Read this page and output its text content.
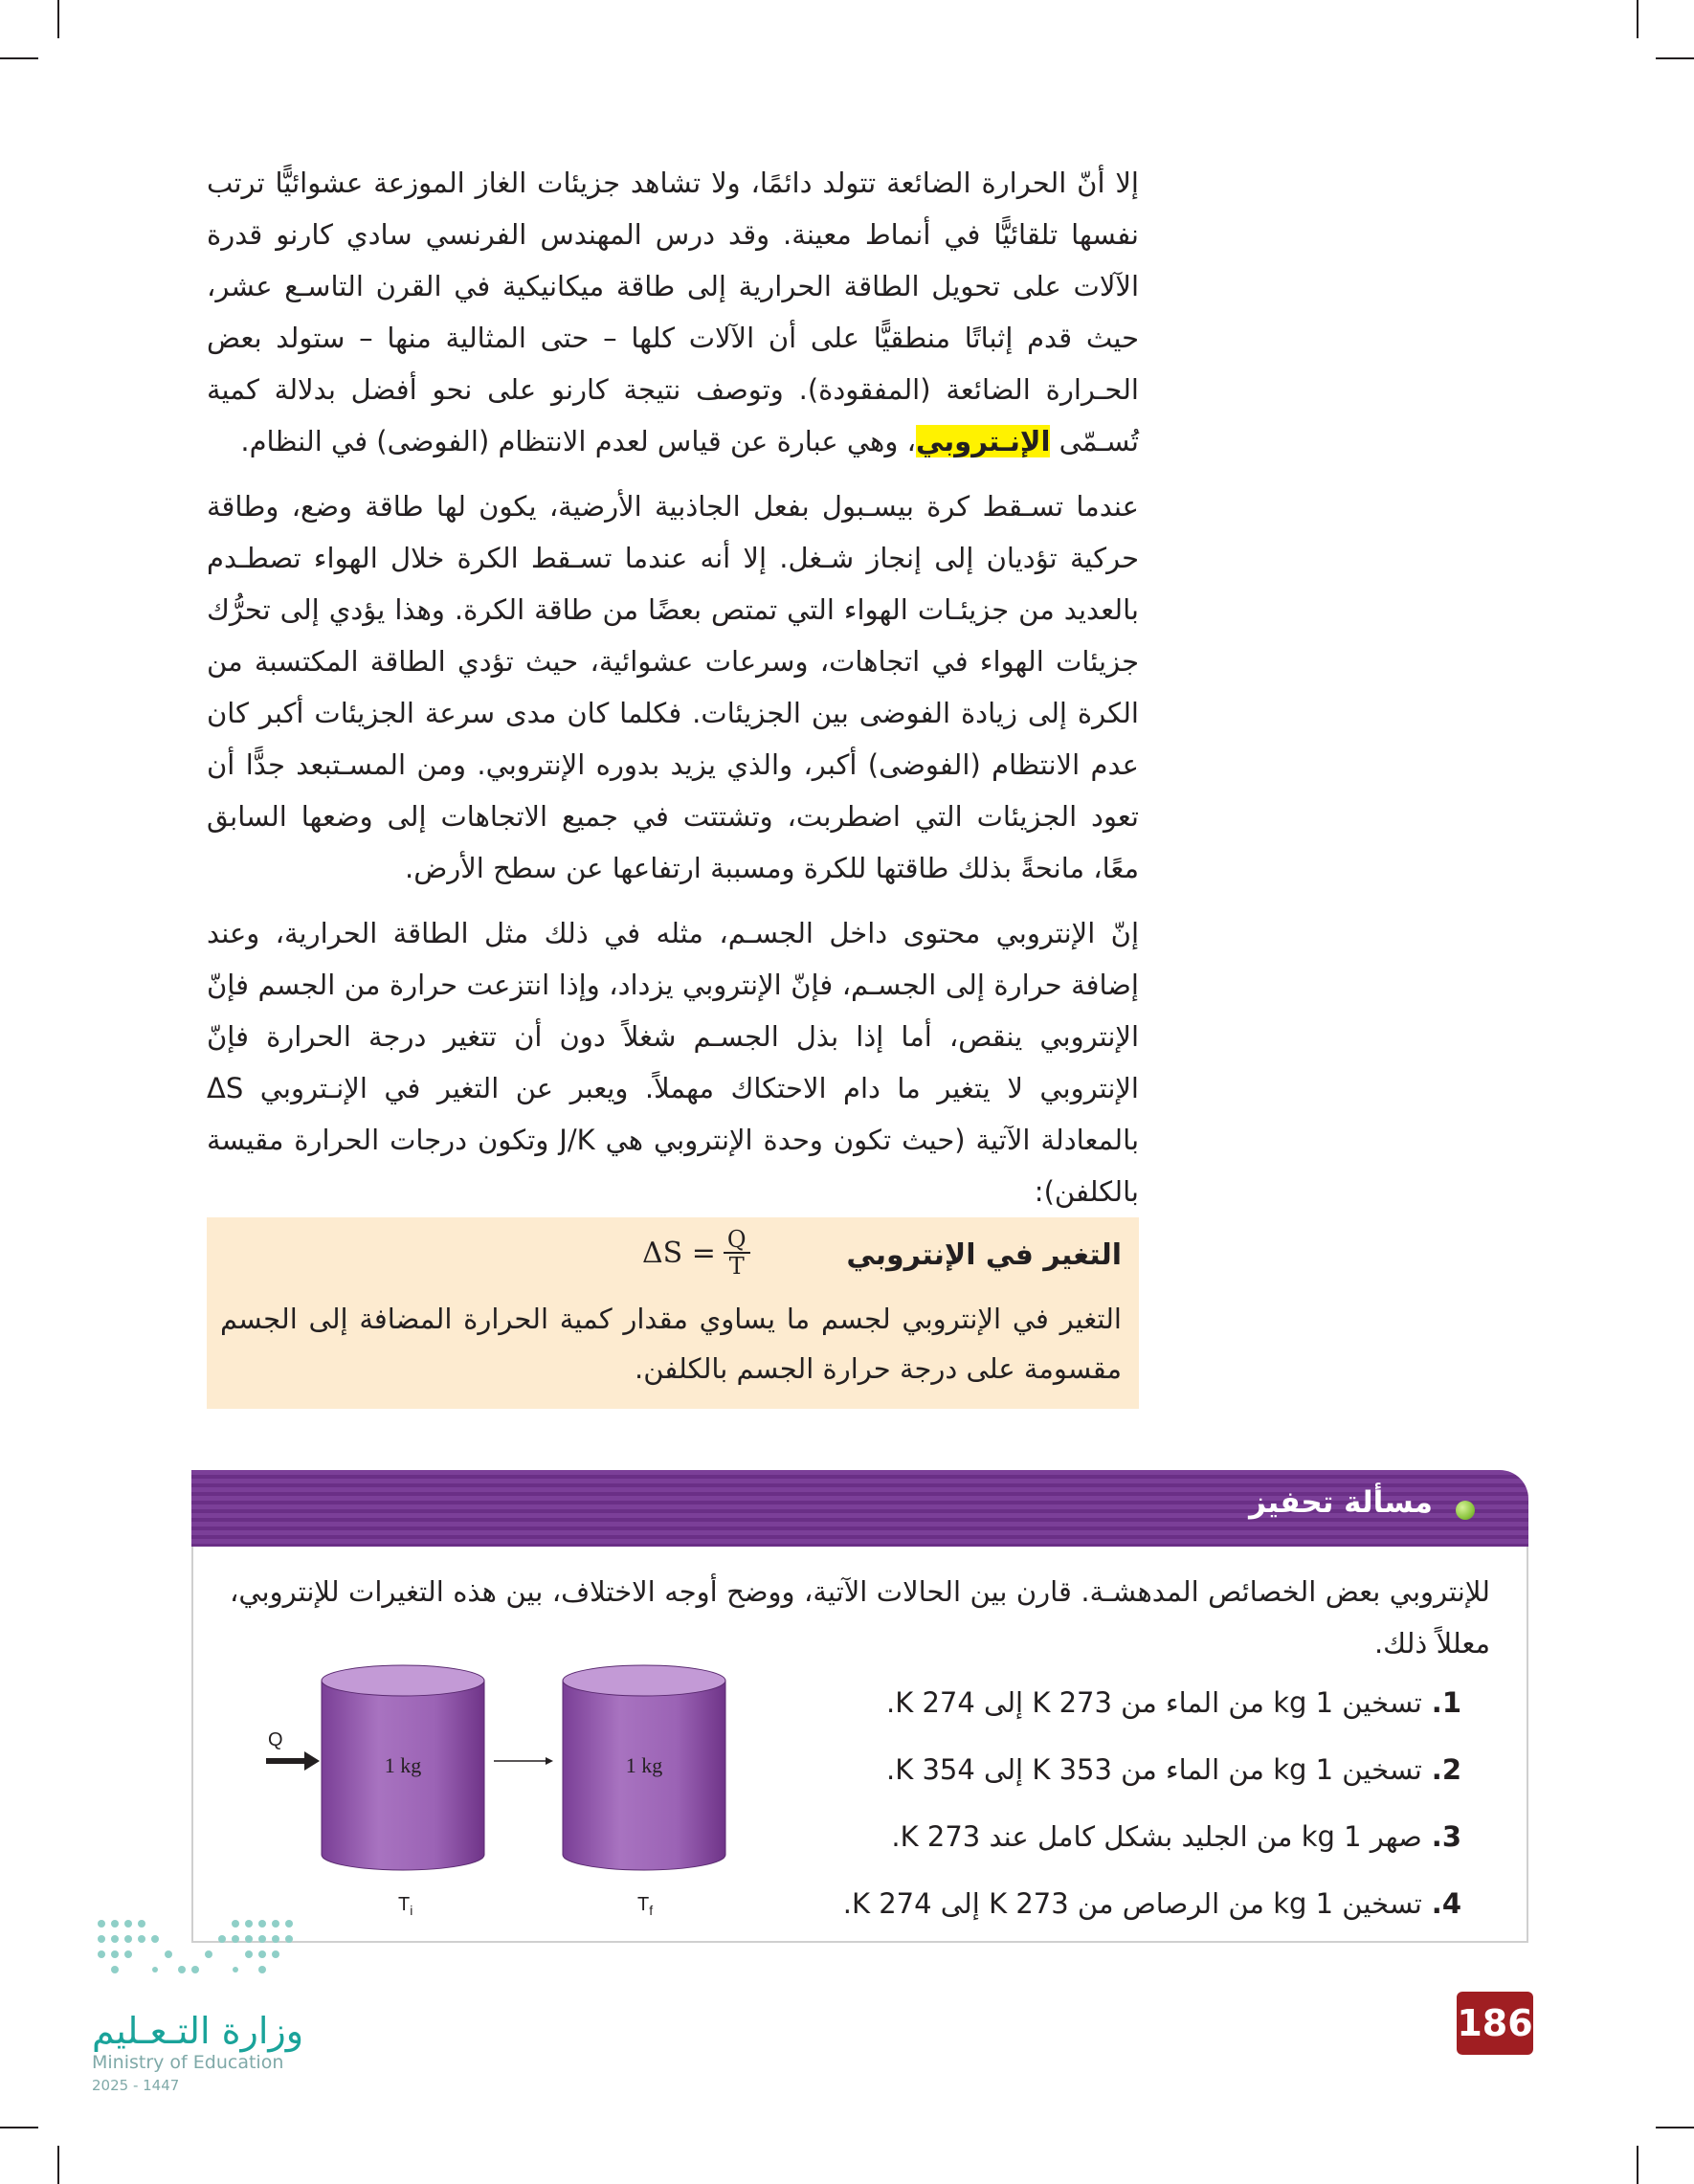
إلا أنّ الحرارة الضائعة تتولد دائمًا، ولا تشاهد جزيئات الغاز الموزعة عشوائيًّا ترتب نفسها تلقائيًّا في أنماط معينة. وقد درس المهندس الفرنسي سادي كارنو قدرة الآلات على تحويل الطاقة الحرارية إلى طاقة ميكانيكية في القرن التاسـع عشر، حيث قدم إثباتًا منطقيًّا على أن الآلات كلها – حتى المثالية منها – ستولد بعض الحـرارة الضائعة (المفقودة). وتوصف نتيجة كارنو على نحو أفضل بدلالة كمية تُسـمّى الإنـتروبي، وهي عبارة عن قياس لعدم الانتظام (الفوضى) في النظام.

عندما تسـقط كرة بيسـبول بفعل الجاذبية الأرضية، يكون لها طاقة وضع، وطاقة حركية تؤديان إلى إنجاز شـغل. إلا أنه عندما تسـقط الكرة خلال الهواء تصطـدم بالعديد من جزيئـات الهواء التي تمتص بعضًا من طاقة الكرة. وهذا يؤدي إلى تحرُّك جزيئات الهواء في اتجاهات، وسرعات عشوائية، حيث تؤدي الطاقة المكتسبة من الكرة إلى زيادة الفوضى بين الجزيئات. فكلما كان مدى سرعة الجزيئات أكبر كان عدم الانتظام (الفوضى) أكبر، والذي يزيد بدوره الإنتروبي. ومن المسـتبعد جدًّا أن تعود الجزيئات التي اضطربت، وتشتتت في جميع الاتجاهات إلى وضعها السابق معًا، مانحةً بذلك طاقتها للكرة ومسببة ارتفاعها عن سطح الأرض.

إنّ الإنتروبي محتوى داخل الجسـم، مثله في ذلك مثل الطاقة الحرارية، وعند إضافة حرارة إلى الجسـم، فإنّ الإنتروبي يزداد، وإذا انتزعت حرارة من الجسم فإنّ الإنتروبي ينقص، أما إذا بذل الجسـم شغلاً دون أن تتغير درجة الحرارة فإنّ الإنتروبي لا يتغير ما دام الاحتكاك مهملاً. ويعبر عن التغير في الإنـتروبي ΔS بالمعادلة الآتية (حيث تكون وحدة الإنتروبي هي J/K وتكون درجات الحرارة مقيسة بالكلفن):

التغير في الإنتروبي
$\Delta S = \frac{Q}{T}$
التغير في الإنتروبي لجسم ما يساوي مقدار كمية الحرارة المضافة إلى الجسم مقسومة على درجة حرارة الجسم بالكلفن.
مسألة تحفيز
للإنتروبي بعض الخصائص المدهشـة. قارن بين الحالات الآتية، ووضح أوجه الاختلاف، بين هذه التغيرات للإنتروبي، معللاً ذلك.
1.تسخين 1 kg من الماء من 273 K إلى 274 K.
2.تسخين 1 kg من الماء من 353 K إلى 354 K.
3.صهر 1 kg من الجليد بشكل كامل عند 273 K.
4.تسخين 1 kg من الرصاص من 273 K إلى 274 K.
Q
1 kg	1 kg
$T_i$	$T_f$
وزارة التـعـليم
Ministry of Education
2025 - 1447
186
